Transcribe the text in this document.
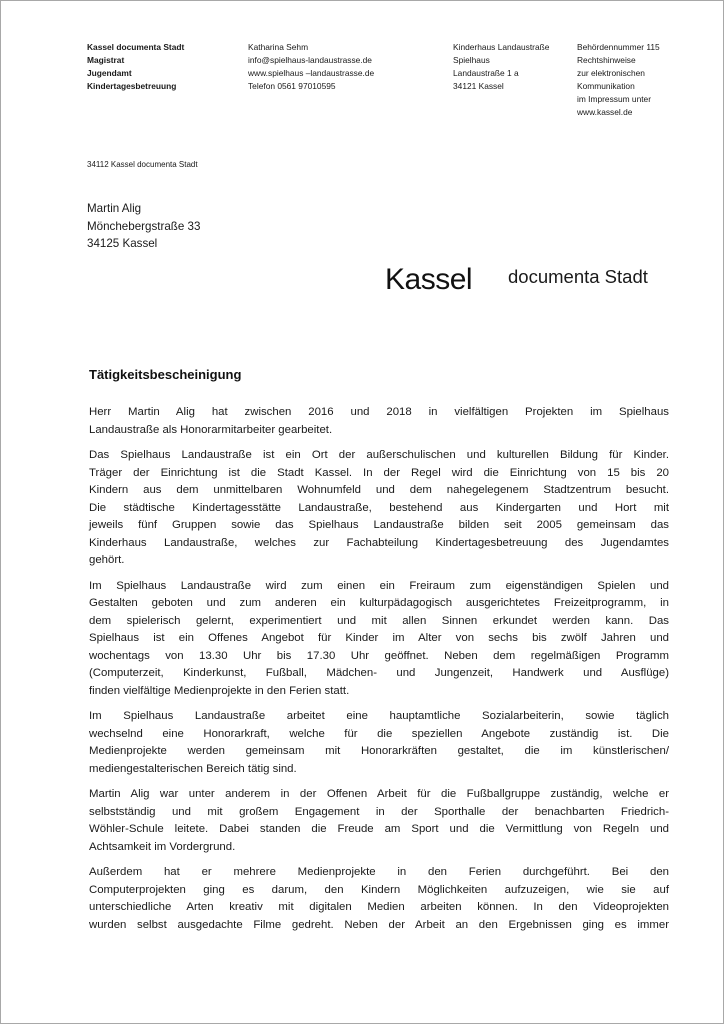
Kassel documenta Stadt
Magistrat
Jugendamt
Kindertagesbetreuung
Katharina Sehm
info@spielhaus-landaustrasse.de
www.spielhaus –landaustrasse.de
Telefon 0561 97010595
Kinderhaus Landaustraße
Spielhaus
Landaustraße 1 a
34121 Kassel
Behördennummer 115
Rechtshinweise
zur elektronischen
Kommunikation
im Impressum unter
www.kassel.de
34112 Kassel documenta Stadt
Martin Alig
Mönchebergstraße 33
34125 Kassel
Kassel documenta Stadt
Tätigkeitsbescheinigung

Herr Martin Alig hat zwischen 2016 und 2018 in vielfältigen Projekten im Spielhaus
Landaustraße als Honorarmitarbeiter gearbeitet.

Das Spielhaus Landaustraße ist ein Ort der außerschulischen und kulturellen Bildung für Kinder.
Träger der Einrichtung ist die Stadt Kassel. In der Regel wird die Einrichtung von 15 bis 20
Kindern aus dem unmittelbaren Wohnumfeld und dem nahegelegenem Stadtzentrum besucht.
Die städtische Kindertagesstätte Landaustraße, bestehend aus Kindergarten und Hort mit
jeweils fünf Gruppen sowie das Spielhaus Landaustraße bilden seit 2005 gemeinsam das
Kinderhaus Landaustraße, welches zur Fachabteilung Kindertagesbetreuung des Jugendamtes
gehört.

Im Spielhaus Landaustraße wird zum einen ein Freiraum zum eigenständigen Spielen und
Gestalten geboten und zum anderen ein kulturpädagogisch ausgerichtetes Freizeitprogramm, in
dem spielerisch gelernt, experimentiert und mit allen Sinnen erkundet werden kann. Das
Spielhaus ist ein Offenes Angebot für Kinder im Alter von sechs bis zwölf Jahren und
wochentags von 13.30 Uhr bis 17.30 Uhr geöffnet. Neben dem regelmäßigen Programm
(Computerzeit, Kinderkunst, Fußball, Mädchen- und Jungenzeit, Handwerk und Ausflüge)
finden vielfältige Medienprojekte in den Ferien statt.

Im Spielhaus Landaustraße arbeitet eine hauptamtliche Sozialarbeiterin, sowie täglich
wechselnd eine Honorarkraft, welche für die speziellen Angebote zuständig ist. Die
Medienprojekte werden gemeinsam mit Honorarkräften gestaltet, die im künstlerischen/
mediengestalterischen Bereich tätig sind.

Martin Alig war unter anderem in der Offenen Arbeit für die Fußballgruppe zuständig, welche er
selbstständig und mit großem Engagement in der Sporthalle der benachbarten Friedrich-
Wöhler-Schule leitete. Dabei standen die Freude am Sport und die Vermittlung von Regeln und
Achtsamkeit im Vordergrund.

Außerdem hat er mehrere Medienprojekte in den Ferien durchgeführt. Bei den
Computerprojekten ging es darum, den Kindern Möglichkeiten aufzuzeigen, wie sie auf
unterschiedliche Arten kreativ mit digitalen Medien arbeiten können. In den Videoprojekten
wurden selbst ausgedachte Filme gedreht. Neben der Arbeit an den Ergebnissen ging es immer
